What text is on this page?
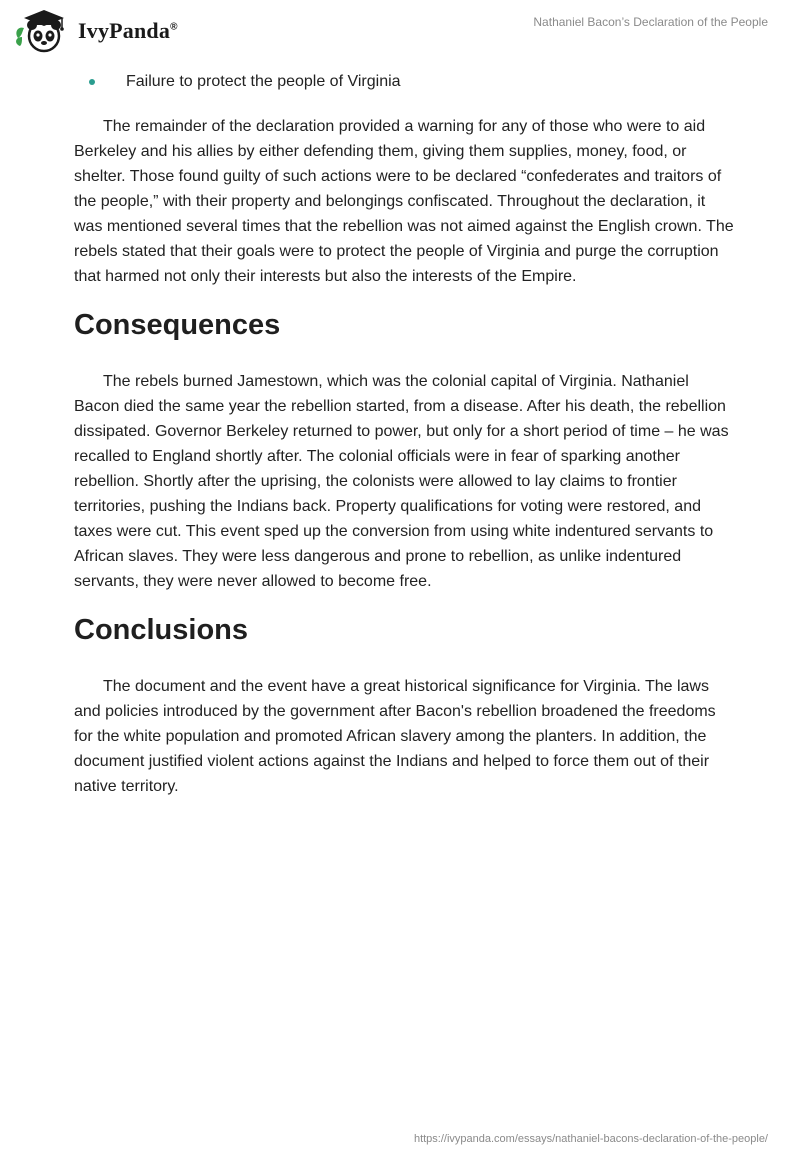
IvyPanda®	Nathaniel Bacon’s Declaration of the People
Failure to protect the people of Virginia

The remainder of the declaration provided a warning for any of those who were to aid Berkeley and his allies by either defending them, giving them supplies, money, food, or shelter. Those found guilty of such actions were to be declared “confederates and traitors of the people,” with their property and belongings confiscated. Throughout the declaration, it was mentioned several times that the rebellion was not aimed against the English crown. The rebels stated that their goals were to protect the people of Virginia and purge the corruption that harmed not only their interests but also the interests of the Empire.

Consequences

The rebels burned Jamestown, which was the colonial capital of Virginia. Nathaniel Bacon died the same year the rebellion started, from a disease. After his death, the rebellion dissipated. Governor Berkeley returned to power, but only for a short period of time – he was recalled to England shortly after. The colonial officials were in fear of sparking another rebellion. Shortly after the uprising, the colonists were allowed to lay claims to frontier territories, pushing the Indians back. Property qualifications for voting were restored, and taxes were cut. This event sped up the conversion from using white indentured servants to African slaves. They were less dangerous and prone to rebellion, as unlike indentured servants, they were never allowed to become free.

Conclusions

The document and the event have a great historical significance for Virginia. The laws and policies introduced by the government after Bacon's rebellion broadened the freedoms for the white population and promoted African slavery among the planters. In addition, the document justified violent actions against the Indians and helped to force them out of their native territory.

https://ivypanda.com/essays/nathaniel-bacons-declaration-of-the-people/
